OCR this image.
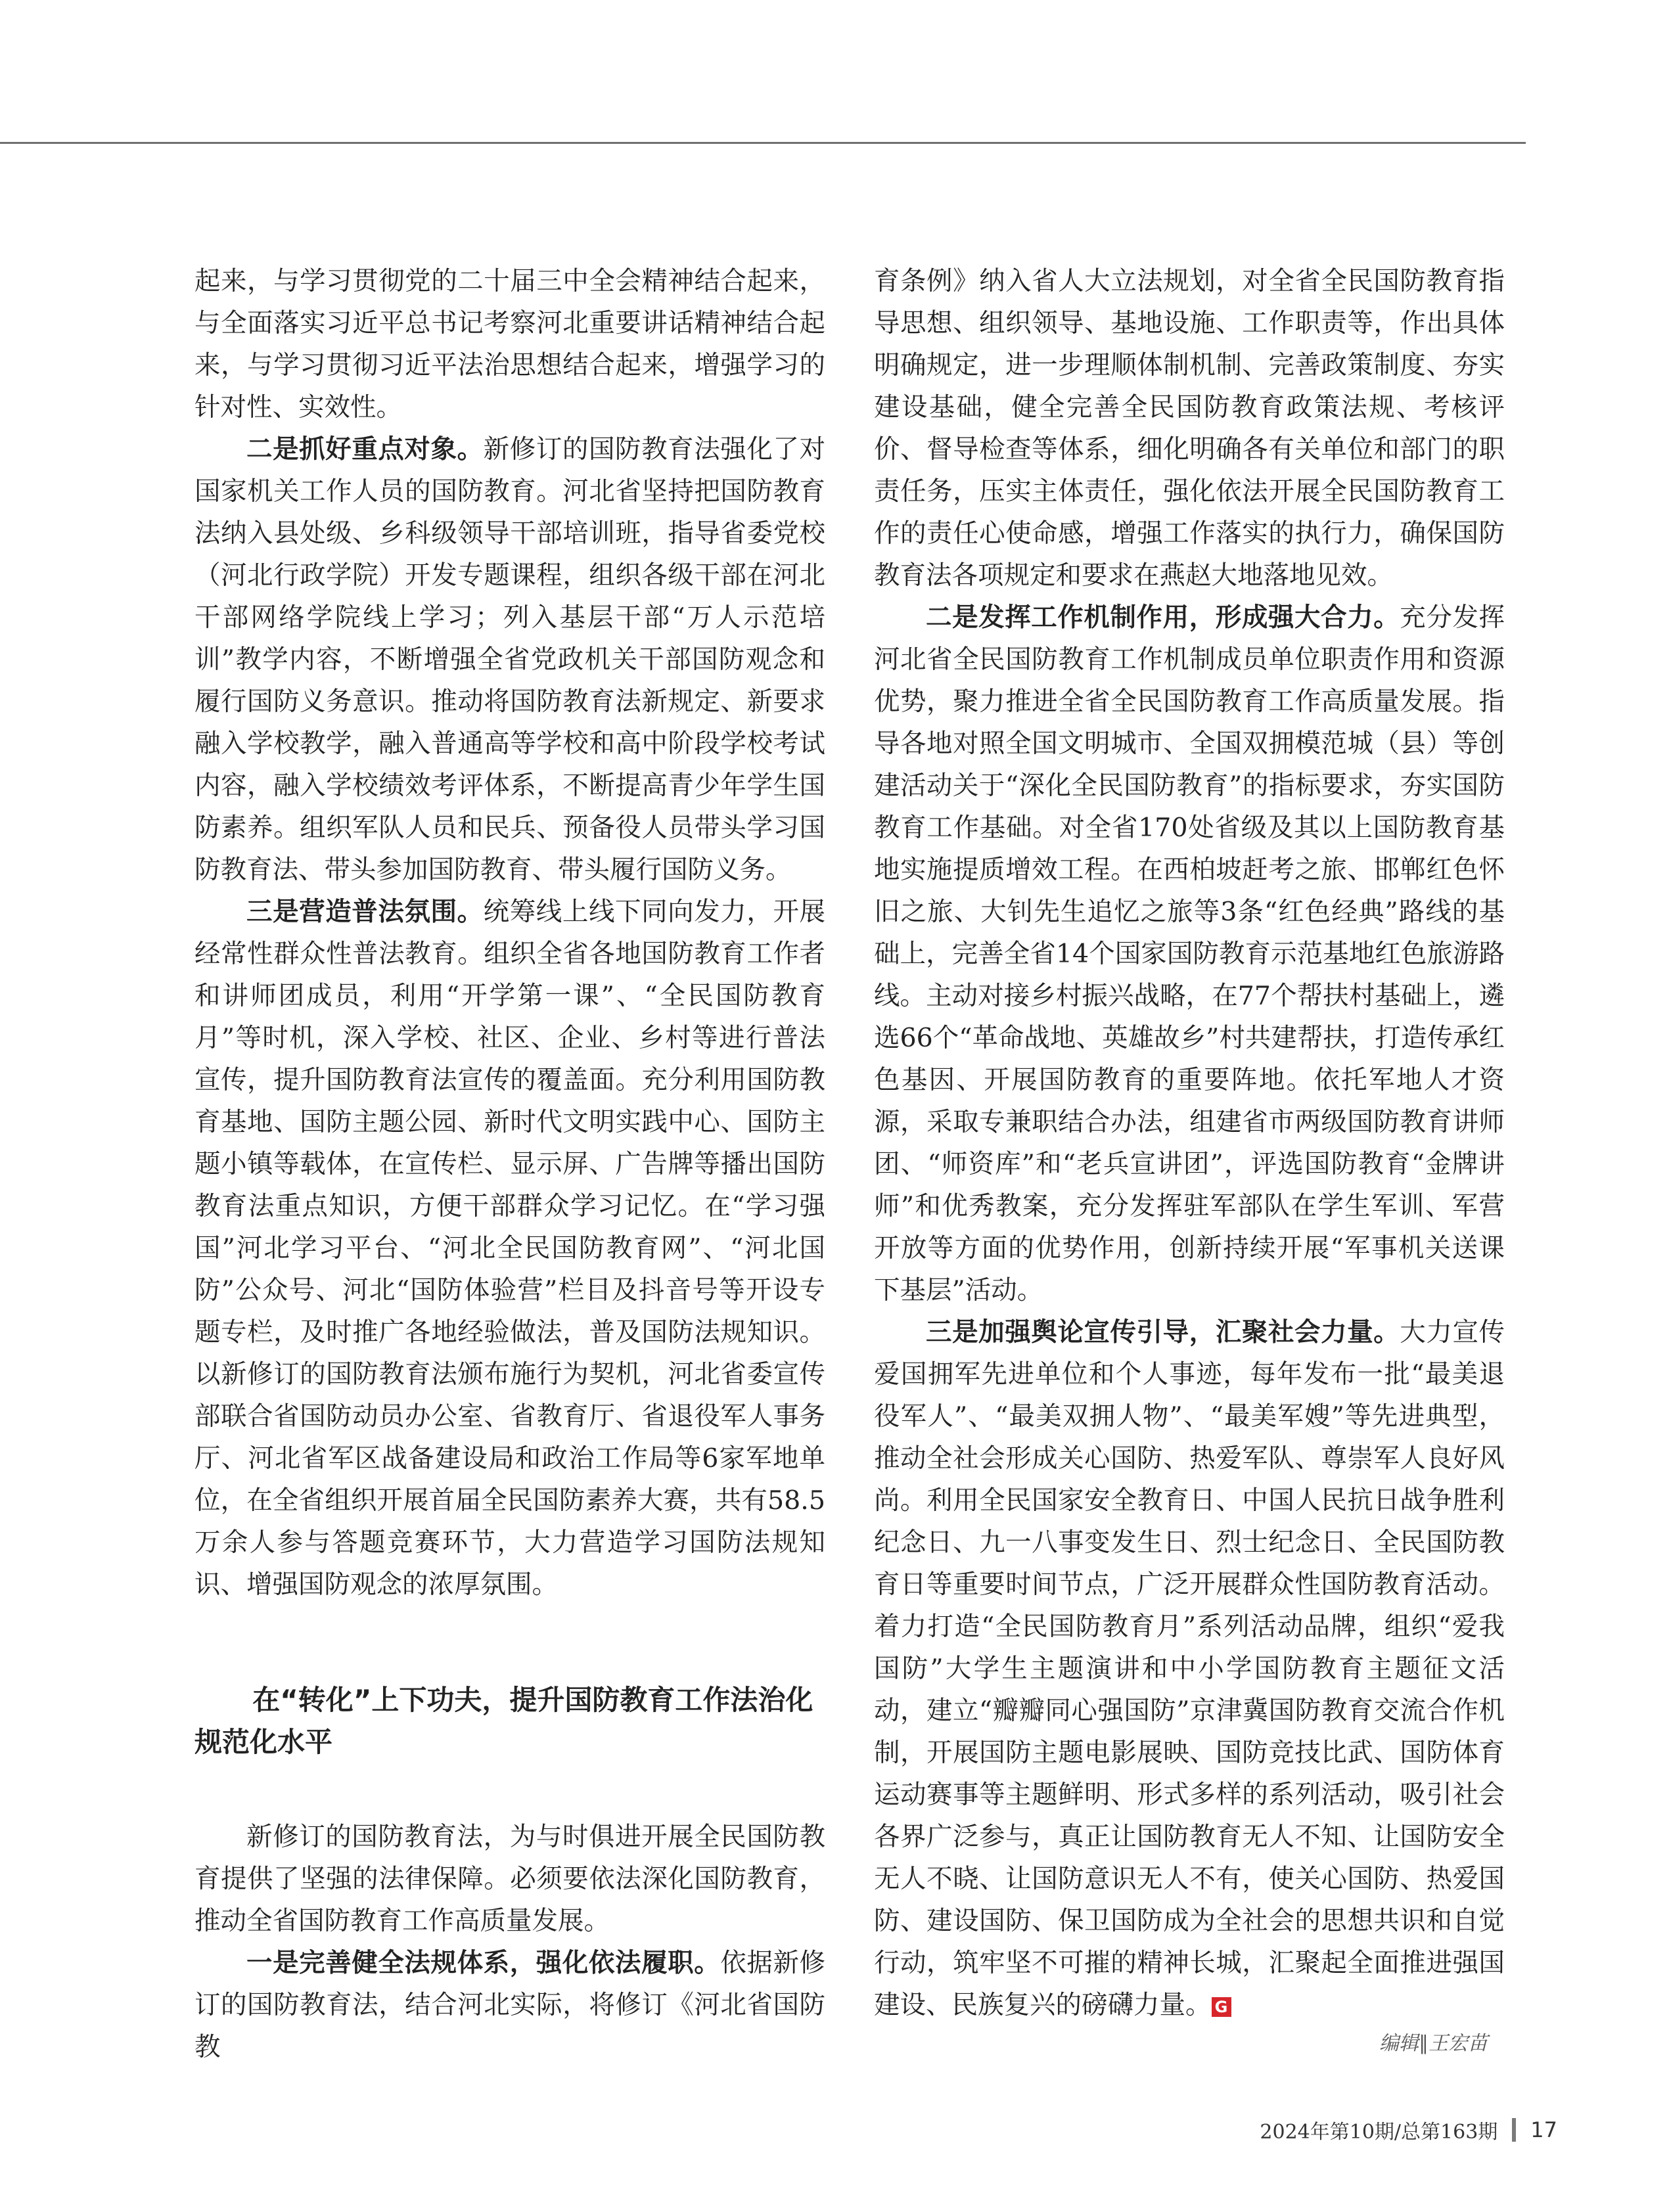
起来，与学习贯彻党的二十届三中全会精神结合起来，与全面落实习近平总书记考察河北重要讲话精神结合起来，与学习贯彻习近平法治思想结合起来，增强学习的针对性、实效性。

二是抓好重点对象。新修订的国防教育法强化了对国家机关工作人员的国防教育。河北省坚持把国防教育法纳入县处级、乡科级领导干部培训班，指导省委党校（河北行政学院）开发专题课程，组织各级干部在河北干部网络学院线上学习；列入基层干部“万人示范培训”教学内容，不断增强全省党政机关干部国防观念和履行国防义务意识。推动将国防教育法新规定、新要求融入学校教学，融入普通高等学校和高中阶段学校考试内容，融入学校绩效考评体系，不断提高青少年学生国防素养。组织军队人员和民兵、预备役人员带头学习国防教育法、带头参加国防教育、带头履行国防义务。

三是营造普法氛围。统筹线上线下同向发力，开展经常性群众性普法教育。组织全省各地国防教育工作者和讲师团成员，利用“开学第一课”、“全民国防教育月”等时机，深入学校、社区、企业、乡村等进行普法宣传，提升国防教育法宣传的覆盖面。充分利用国防教育基地、国防主题公园、新时代文明实践中心、国防主题小镇等载体，在宣传栏、显示屏、广告牌等播出国防教育法重点知识，方便干部群众学习记忆。在“学习强国”河北学习平台、“河北全民国防教育网”、“河北国防”公众号、河北“国防体验营”栏目及抖音号等开设专题专栏，及时推广各地经验做法，普及国防法规知识。以新修订的国防教育法颁布施行为契机，河北省委宣传部联合省国防动员办公室、省教育厅、省退役军人事务厅、河北省军区战备建设局和政治工作局等6家军地单位，在全省组织开展首届全民国防素养大赛，共有58.5万余人参与答题竞赛环节，大力营造学习国防法规知识、增强国防观念的浓厚氛围。

在“转化”上下功夫，提升国防教育工作法治化规范化水平

新修订的国防教育法，为与时俱进开展全民国防教育提供了坚强的法律保障。必须要依法深化国防教育，推动全省国防教育工作高质量发展。

一是完善健全法规体系，强化依法履职。依据新修订的国防教育法，结合河北实际，将修订《河北省国防教

育条例》纳入省人大立法规划，对全省全民国防教育指导思想、组织领导、基地设施、工作职责等，作出具体明确规定，进一步理顺体制机制、完善政策制度、夯实建设基础，健全完善全民国防教育政策法规、考核评价、督导检查等体系，细化明确各有关单位和部门的职责任务，压实主体责任，强化依法开展全民国防教育工作的责任心使命感，增强工作落实的执行力，确保国防教育法各项规定和要求在燕赵大地落地见效。

二是发挥工作机制作用，形成强大合力。充分发挥河北省全民国防教育工作机制成员单位职责作用和资源优势，聚力推进全省全民国防教育工作高质量发展。指导各地对照全国文明城市、全国双拥模范城（县）等创建活动关于“深化全民国防教育”的指标要求，夯实国防教育工作基础。对全省170处省级及其以上国防教育基地实施提质增效工程。在西柏坡赶考之旅、邯郸红色怀旧之旅、大钊先生追忆之旅等3条“红色经典”路线的基础上，完善全省14个国家国防教育示范基地红色旅游路线。主动对接乡村振兴战略，在77个帮扶村基础上，遴选66个“革命战地、英雄故乡”村共建帮扶，打造传承红色基因、开展国防教育的重要阵地。依托军地人才资源，采取专兼职结合办法，组建省市两级国防教育讲师团、“师资库”和“老兵宣讲团”，评选国防教育“金牌讲师”和优秀教案，充分发挥驻军部队在学生军训、军营开放等方面的优势作用，创新持续开展“军事机关送课下基层”活动。

三是加强舆论宣传引导，汇聚社会力量。大力宣传爱国拥军先进单位和个人事迹，每年发布一批“最美退役军人”、“最美双拥人物”、“最美军嫂”等先进典型，推动全社会形成关心国防、热爱军队、尊崇军人良好风尚。利用全民国家安全教育日、中国人民抗日战争胜利纪念日、九一八事变发生日、烈士纪念日、全民国防教育日等重要时间节点，广泛开展群众性国防教育活动。着力打造“全民国防教育月”系列活动品牌，组织“爱我国防”大学生主题演讲和中小学国防教育主题征文活动，建立“瓣瓣同心强国防”京津冀国防教育交流合作机制，开展国防主题电影展映、国防竞技比武、国防体育运动赛事等主题鲜明、形式多样的系列活动，吸引社会各界广泛参与，真正让国防教育无人不知、让国防安全无人不晓、让国防意识无人不有，使关心国防、热爱国防、建设国防、保卫国防成为全社会的思想共识和自觉行动，筑牢坚不可摧的精神长城，汇聚起全面推进强国建设、民族复兴的磅礴力量。 G

编辑∥王宏苗
2024年第10期/总第163期 17
